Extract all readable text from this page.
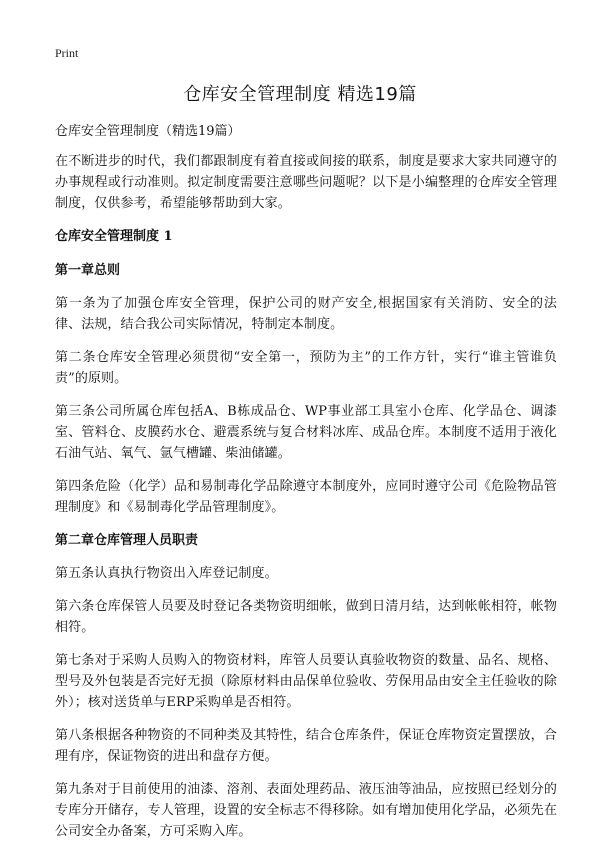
Print
仓库安全管理制度 精选19篇
仓库安全管理制度（精选19篇）

在不断进步的时代，我们都跟制度有着直接或间接的联系，制度是要求大家共同遵守的办事规程或行动准则。拟定制度需要注意哪些问题呢？以下是小编整理的仓库安全管理制度，仅供参考，希望能够帮助到大家。

仓库安全管理制度 1
第一章总则

第一条为了加强仓库安全管理，保护公司的财产安全,根据国家有关消防、安全的法律、法规，结合我公司实际情况，特制定本制度。

第二条仓库安全管理必须贯彻“安全第一，预防为主”的工作方针，实行“谁主管谁负责”的原则。

第三条公司所属仓库包括A、B栋成品仓、WP事业部工具室小仓库、化学品仓、调漆室、管料仓、皮膜药水仓、避震系统与复合材料冰库、成品仓库。本制度不适用于液化石油气站、氧气、氩气槽罐、柴油储罐。

第四条危险（化学）品和易制毒化学品除遵守本制度外，应同时遵守公司《危险物品管理制度》和《易制毒化学品管理制度》。

第二章仓库管理人员职责

第五条认真执行物资出入库登记制度。

第六条仓库保管人员要及时登记各类物资明细帐，做到日清月结，达到帐帐相符，帐物相符。

第七条对于采购人员购入的物资材料，库管人员要认真验收物资的数量、品名、规格、型号及外包装是否完好无损（除原材料由品保单位验收、劳保用品由安全主任验收的除外）；核对送货单与ERP采购单是否相符。

第八条根据各种物资的不同种类及其特性，结合仓库条件，保证仓库物资定置摆放，合理有序，保证物资的进出和盘存方便。

第九条对于目前使用的油漆、溶剂、表面处理药品、液压油等油品，应按照已经划分的专库分开储存，专人管理，设置的安全标志不得移除。如有增加使用化学品，必须先在公司安全办备案，方可采购入库。
